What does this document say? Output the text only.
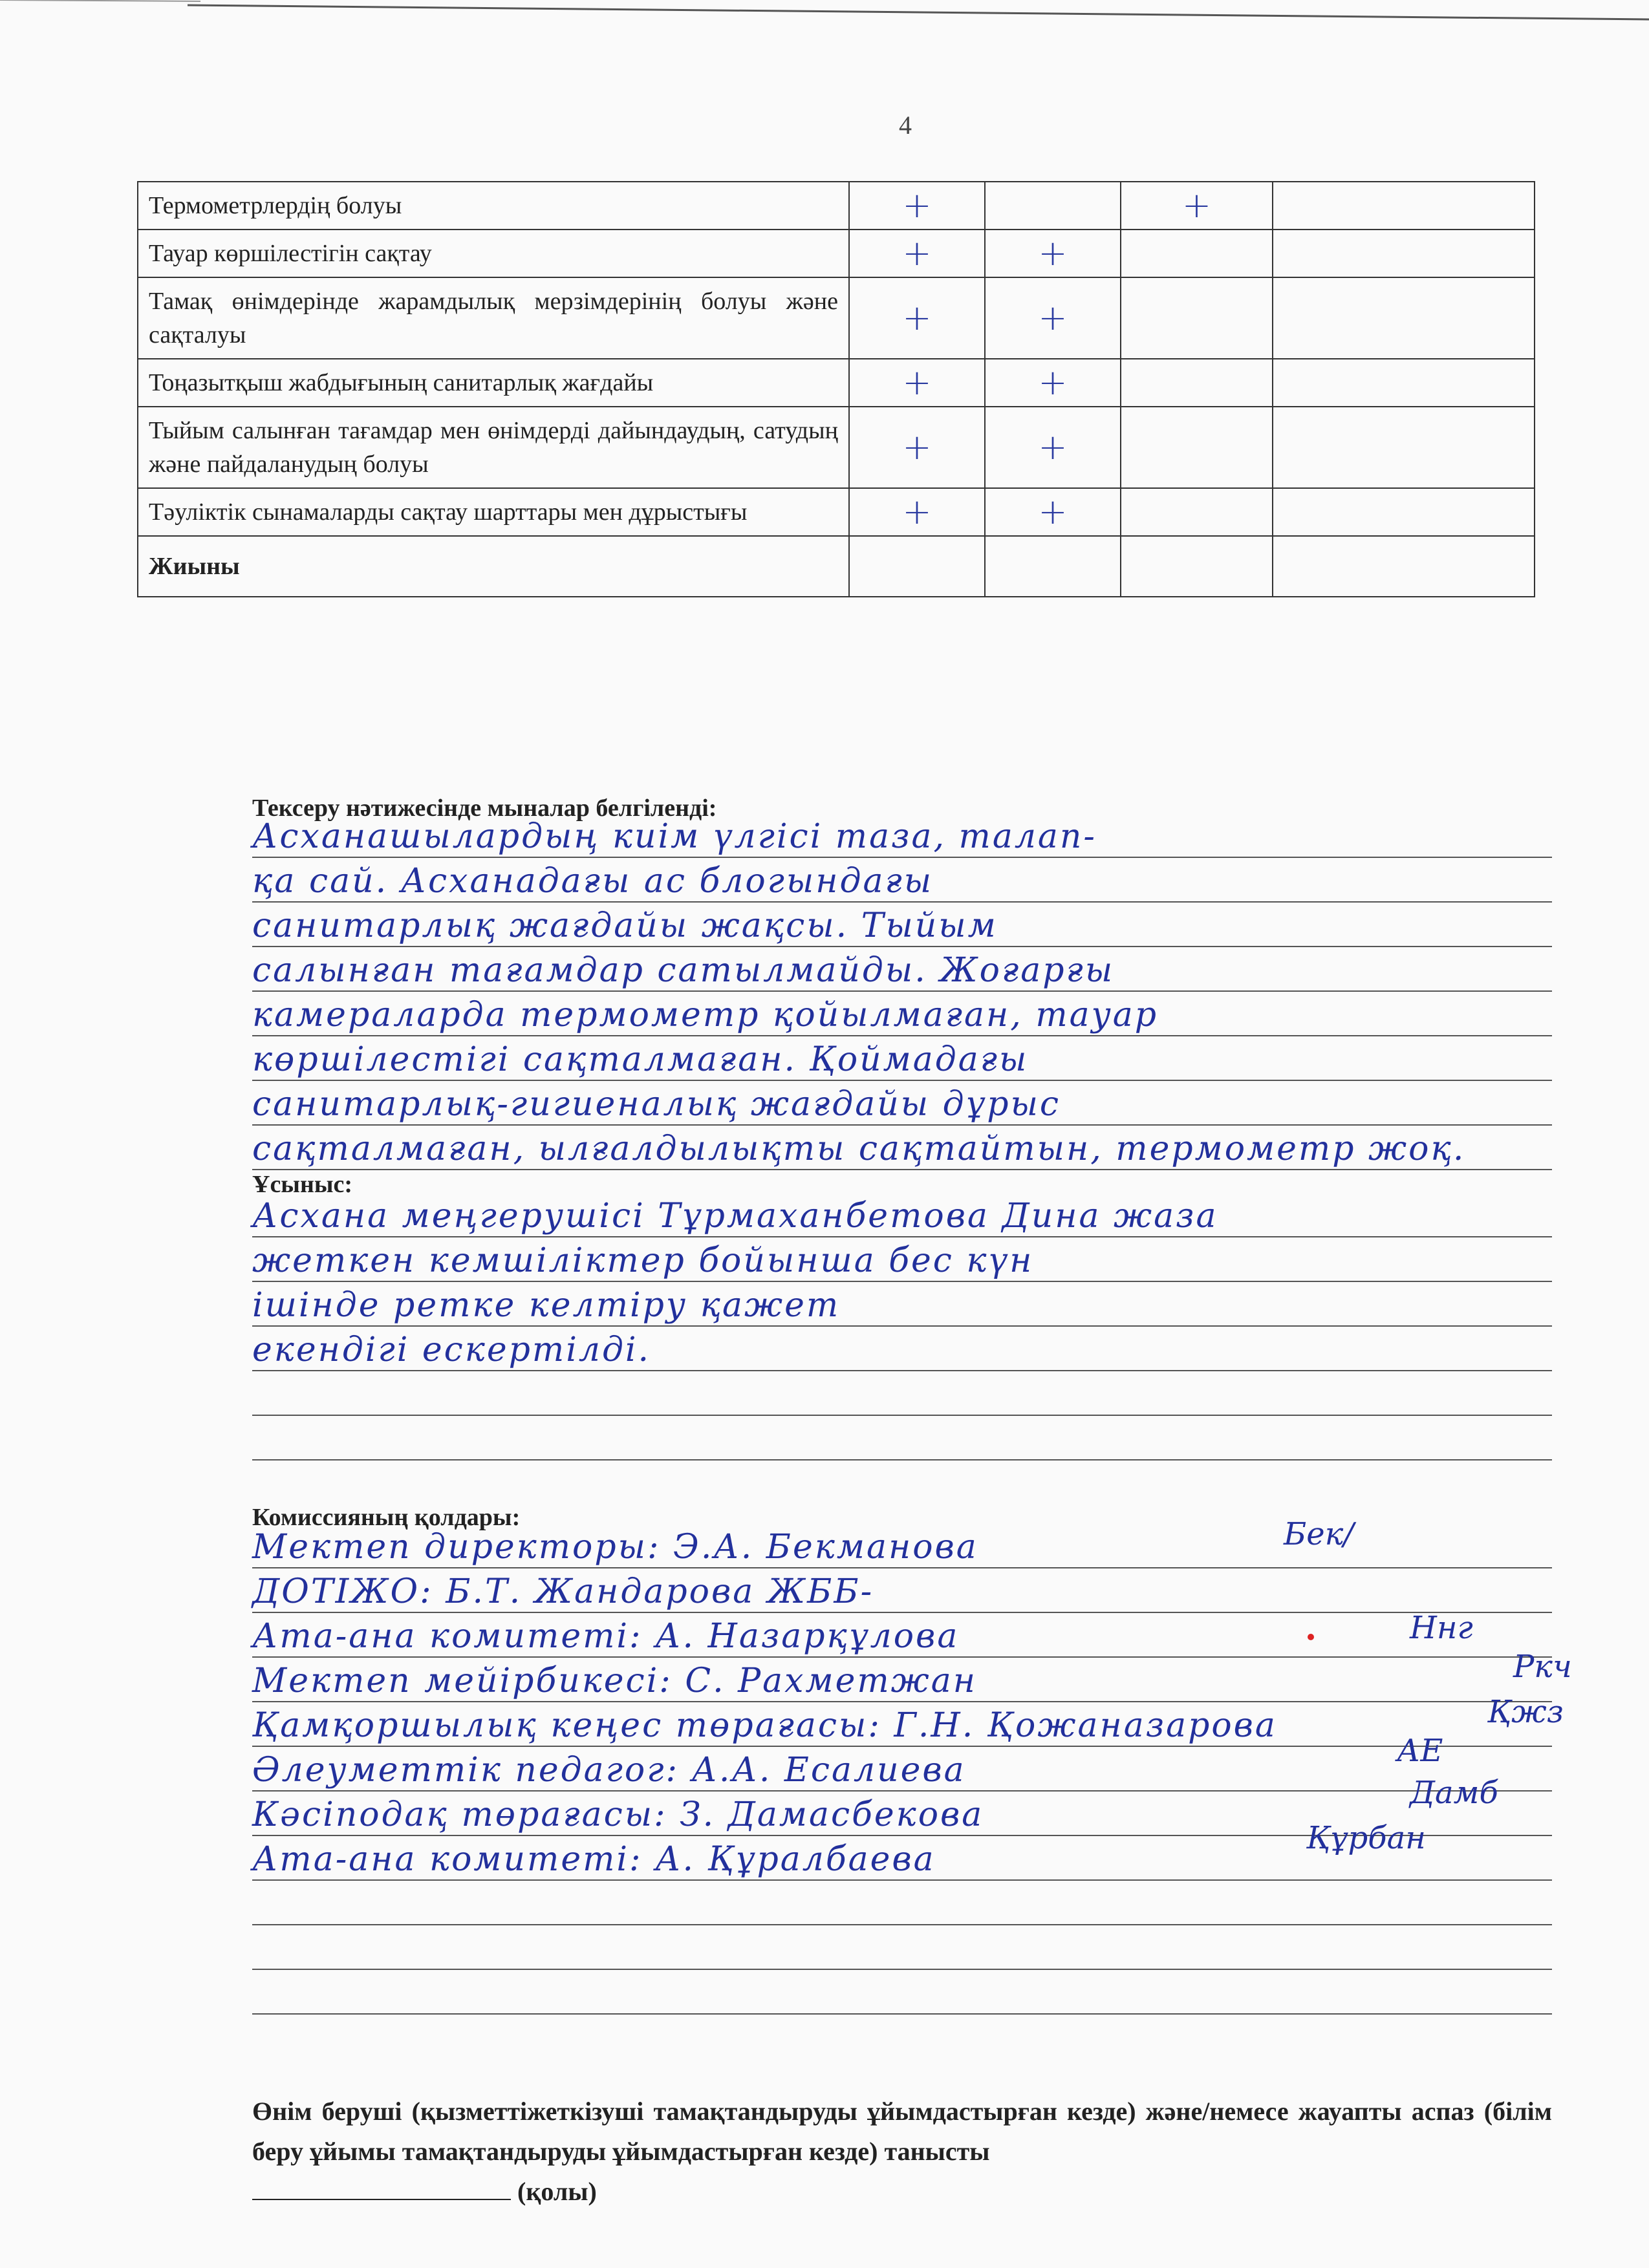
4
Термометрлердің болуы	+		+	
Тауар көршілестігін сақтау	+	+		
Тамақ өнімдерінде жарамдылық мерзімдерінің болуы және сақталуы	+	+		
Тоңазытқыш жабдығының санитарлық жағдайы	+	+		
Тыйым салынған тағамдар мен өнімдерді дайындаудың, сатудың және пайдаланудың болуы	+	+		
Тәуліктік сынамаларды сақтау шарттары мен дұрыстығы	+	+		
Жиыны				
Тексеру нәтижесінде мыналар белгіленді:
Асханашылардың киім үлгісі таза, талап-
қа сай. Асханадағы ас блогындағы
санитарлық жағдайы жақсы. Тыйым
салынған тағамдар сатылмайды. Жоғарғы
камераларда термометр қойылмаған, тауар
көршілестігі сақталмаған. Қоймадағы
санитарлық-гигиеналық жағдайы дұрыс
сақталмаған, ылғалдылықты сақтайтын, термометр жоқ.
Ұсыныс:
Асхана меңгерушісі Тұрмаханбетова Дина жаза
жеткен кемшіліктер бойынша бес күн
ішінде ретке келтіру қажет
екендігі ескертілді.
Комиссияның қолдары:
Мектеп директоры: Э.А. Бекманова
ДОТІЖО: Б.Т. Жандарова ЖББ-
Ата-ана комитеті: А. Назарқұлова
Мектеп мейірбикесі: С. Рахметжан
Қамқоршылық кеңес төрағасы: Г.Н. Қожаназарова
Әлеуметтік педагог: А.А. Есалиева
Кәсіподақ төрағасы: З. Дамасбекова
Ата-ана комитеті: А. Құралбаева
Бек/
Ннг
Ркч
Қжз
АЕ
Дамб
Құрбан
Өнім беруші (қызметтіжеткізуші тамақтандыруды ұйымдастырған кезде) және/немесе жауапты аспаз (білім беру ұйымы тамақтандыруды ұйымдастырған кезде) танысты
(қолы)
